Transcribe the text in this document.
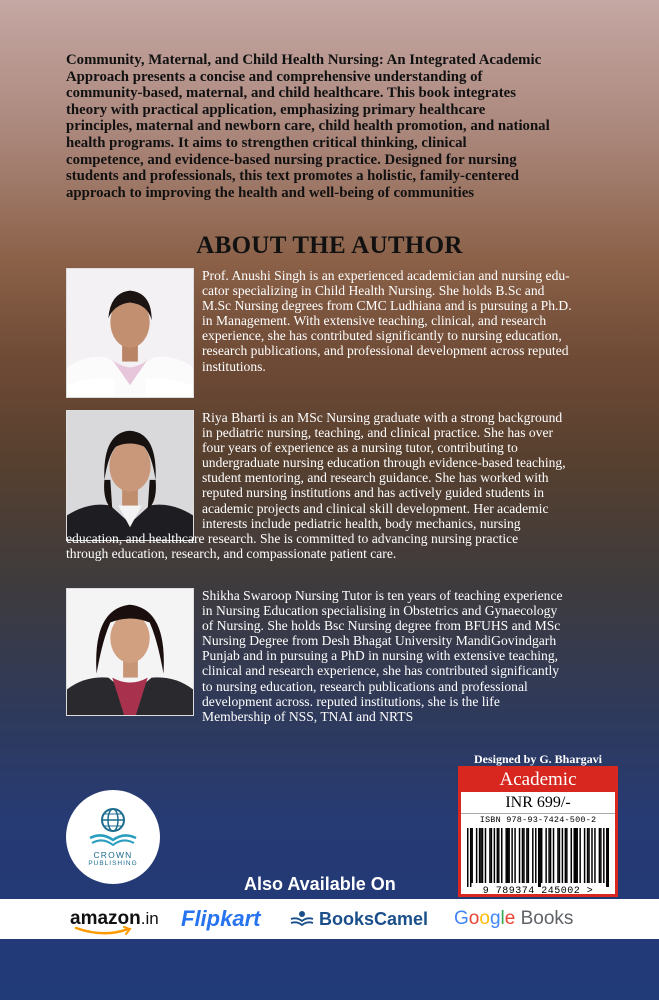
Community, Maternal, and Child Health Nursing: An Integrated Academic
Approach presents a concise and comprehensive understanding of
community-based, maternal, and child healthcare. This book integrates
theory with practical application, emphasizing primary healthcare
principles, maternal and newborn care, child health promotion, and national
health programs. It aims to strengthen critical thinking, clinical
competence, and evidence-based nursing practice. Designed for nursing
students and professionals, this text promotes a holistic, family-centered
approach to improving the health and well-being of communities
ABOUT THE AUTHOR
Prof. Anushi Singh is an experienced academician and nursing edu-
cator specializing in Child Health Nursing. She holds B.Sc and
M.Sc Nursing degrees from CMC Ludhiana and is pursuing a Ph.D.
in Management. With extensive teaching, clinical, and research
experience, she has contributed significantly to nursing education,
research publications, and professional development across reputed
institutions.
Riya Bharti is an MSc Nursing graduate with a strong background
in pediatric nursing, teaching, and clinical practice. She has over
four years of experience as a nursing tutor, contributing to
undergraduate nursing education through evidence-based teaching,
student mentoring, and research guidance. She has worked with
reputed nursing institutions and has actively guided students in
academic projects and clinical skill development. Her academic
interests include pediatric health, body mechanics, nursing
education, and healthcare research. She is committed to advancing nursing practice
through education, research, and compassionate patient care.
Shikha Swaroop Nursing Tutor is ten years of teaching experience
in Nursing Education specialising in Obstetrics and Gynaecology
of Nursing. She holds Bsc Nursing degree from BFUHS and MSc
Nursing Degree from Desh Bhagat University MandiGovindgarh
Punjab and in pursuing a PhD in nursing with extensive teaching,
clinical and research experience, she has contributed significantly
to nursing education, research publications and professional
development across. reputed institutions, she is the life
Membership of NSS, TNAI and NRTS
Designed by G. Bhargavi
Academic
INR 699/-
ISBN 978-93-7424-500-2
9 789374 245002 >
CROWN
PUBLISHING
Also Available On
amazon .in Flipkart	BooksCamel G o o g l e Books
